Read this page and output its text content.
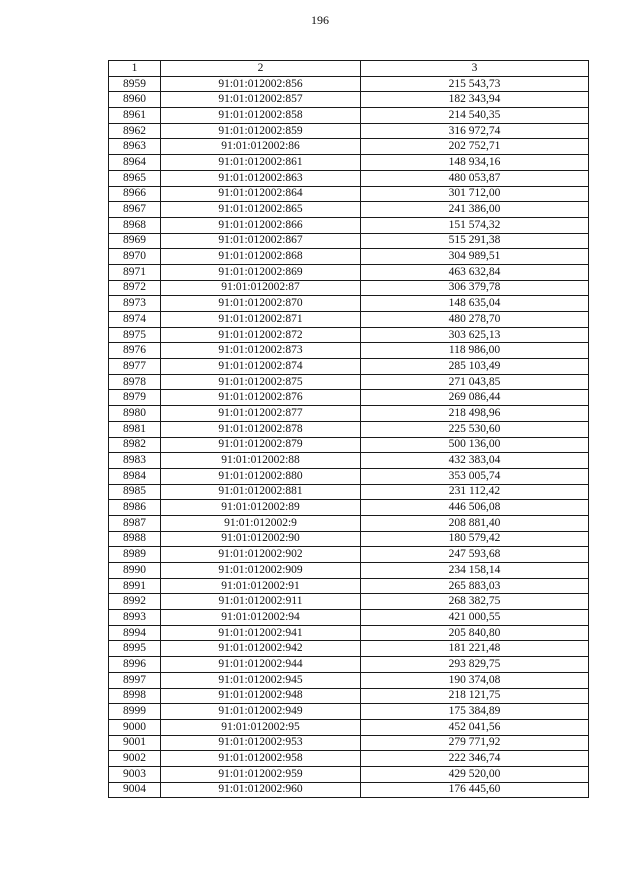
196
1	2	3
8959	91:01:012002:856	215 543,73
8960	91:01:012002:857	182 343,94
8961	91:01:012002:858	214 540,35
8962	91:01:012002:859	316 972,74
8963	91:01:012002:86	202 752,71
8964	91:01:012002:861	148 934,16
8965	91:01:012002:863	480 053,87
8966	91:01:012002:864	301 712,00
8967	91:01:012002:865	241 386,00
8968	91:01:012002:866	151 574,32
8969	91:01:012002:867	515 291,38
8970	91:01:012002:868	304 989,51
8971	91:01:012002:869	463 632,84
8972	91:01:012002:87	306 379,78
8973	91:01:012002:870	148 635,04
8974	91:01:012002:871	480 278,70
8975	91:01:012002:872	303 625,13
8976	91:01:012002:873	118 986,00
8977	91:01:012002:874	285 103,49
8978	91:01:012002:875	271 043,85
8979	91:01:012002:876	269 086,44
8980	91:01:012002:877	218 498,96
8981	91:01:012002:878	225 530,60
8982	91:01:012002:879	500 136,00
8983	91:01:012002:88	432 383,04
8984	91:01:012002:880	353 005,74
8985	91:01:012002:881	231 112,42
8986	91:01:012002:89	446 506,08
8987	91:01:012002:9	208 881,40
8988	91:01:012002:90	180 579,42
8989	91:01:012002:902	247 593,68
8990	91:01:012002:909	234 158,14
8991	91:01:012002:91	265 883,03
8992	91:01:012002:911	268 382,75
8993	91:01:012002:94	421 000,55
8994	91:01:012002:941	205 840,80
8995	91:01:012002:942	181 221,48
8996	91:01:012002:944	293 829,75
8997	91:01:012002:945	190 374,08
8998	91:01:012002:948	218 121,75
8999	91:01:012002:949	175 384,89
9000	91:01:012002:95	452 041,56
9001	91:01:012002:953	279 771,92
9002	91:01:012002:958	222 346,74
9003	91:01:012002:959	429 520,00
9004	91:01:012002:960	176 445,60
